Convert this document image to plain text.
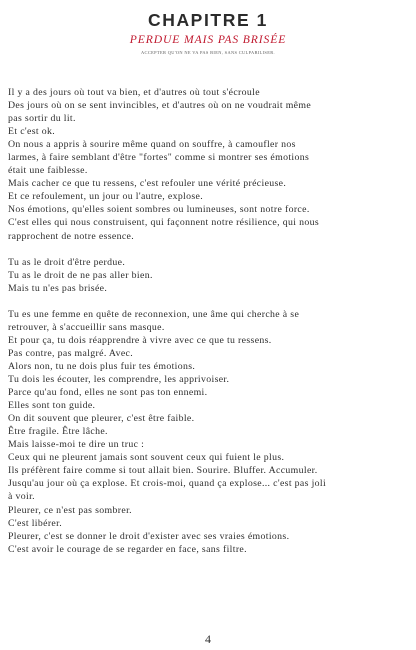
CHAPITRE 1

PERDUE MAIS PAS BRISÉE

ACCEPTER QU'ON NE VA PAS BIEN, SANS CULPABILISER.

Il y a des jours où tout va bien, et d'autres où tout s'écroule
Des jours où on se sent invincibles, et d'autres où on ne voudrait même
pas sortir du lit.
Et c'est ok.
On nous a appris à sourire même quand on souffre, à camoufler nos
larmes, à faire semblant d'être "fortes" comme si montrer ses émotions
était une faiblesse.
Mais cacher ce que tu ressens, c'est refouler une vérité précieuse.
Et ce refoulement, un jour ou l'autre, explose.
Nos émotions, qu'elles soient sombres ou lumineuses, sont notre force.
C'est elles qui nous construisent, qui façonnent notre résilience, qui nous
rapprochent de notre essence.
Tu as le droit d'être perdue.
Tu as le droit de ne pas aller bien.
Mais tu n'es pas brisée.
Tu es une femme en quête de reconnexion, une âme qui cherche à se
retrouver, à s'accueillir sans masque.
Et pour ça, tu dois réapprendre à vivre avec ce que tu ressens.
Pas contre, pas malgré. Avec.
Alors non, tu ne dois plus fuir tes émotions.
Tu dois les écouter, les comprendre, les apprivoiser.
Parce qu'au fond, elles ne sont pas ton ennemi.
Elles sont ton guide.
On dit souvent que pleurer, c'est être faible.
Être fragile. Être lâche.
Mais laisse-moi te dire un truc :
Ceux qui ne pleurent jamais sont souvent ceux qui fuient le plus.
Ils préfèrent faire comme si tout allait bien. Sourire. Bluffer. Accumuler.
Jusqu'au jour où ça explose. Et crois-moi, quand ça explose... c'est pas joli
à voir.
Pleurer, ce n'est pas sombrer.
C'est libérer.
Pleurer, c'est se donner le droit d'exister avec ses vraies émotions.
C'est avoir le courage de se regarder en face, sans filtre.
4
